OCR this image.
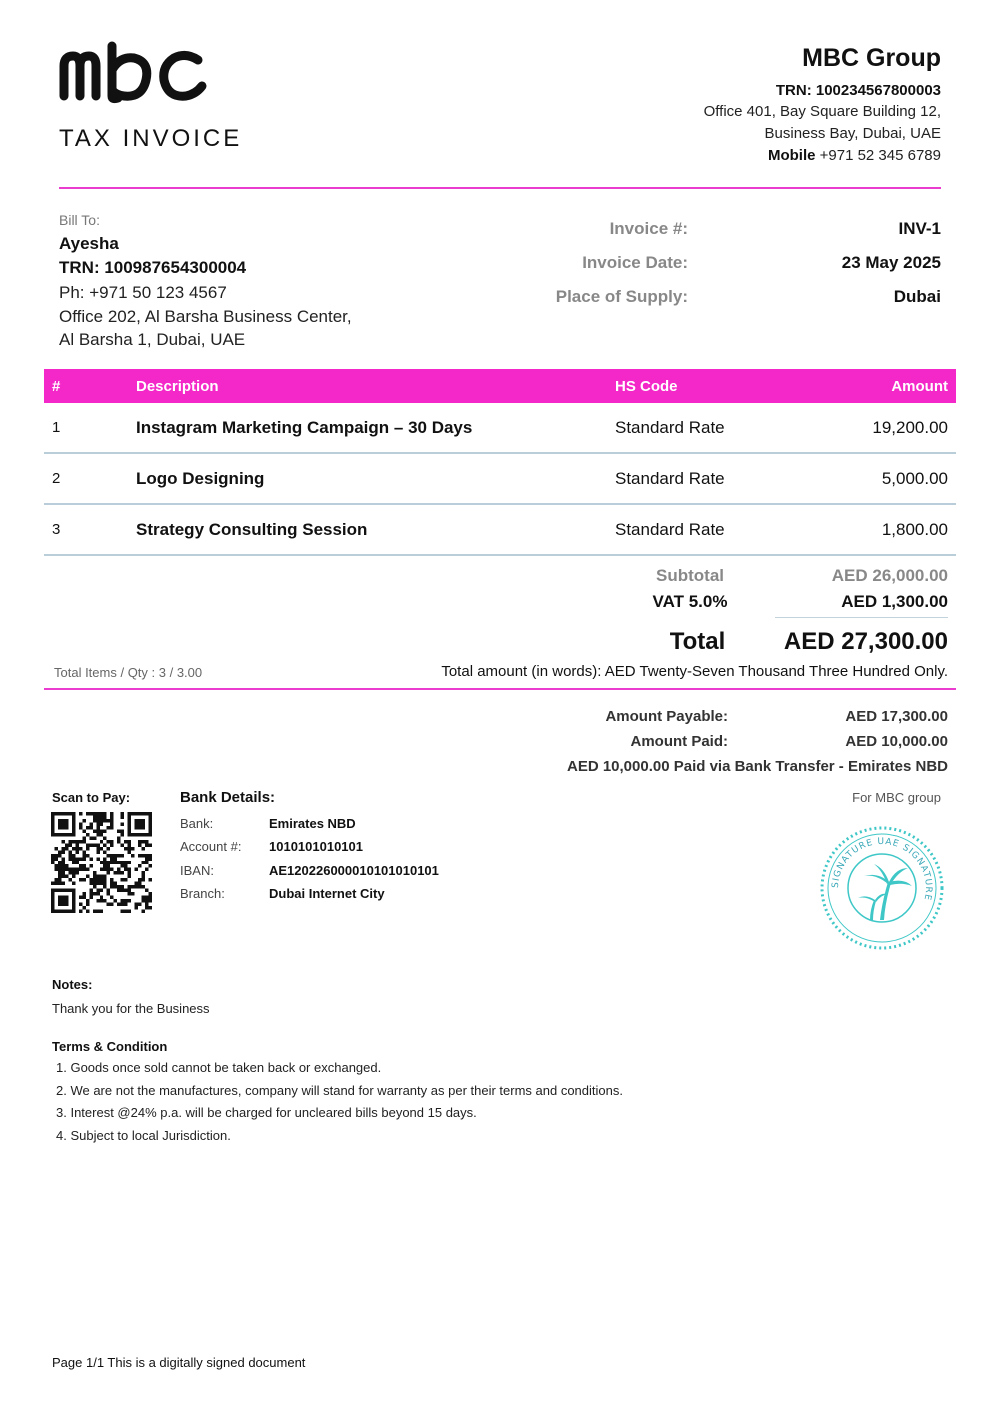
TAX INVOICE
MBC Group
TRN: 100234567800003
Office 401, Bay Square Building 12,
Business Bay, Dubai, UAE
Mobile +971 52 345 6789
Bill To:
Ayesha
TRN: 100987654300004
Ph: +971 50 123 4567
Office 202, Al Barsha Business Center,
Al Barsha 1, Dubai, UAE
Invoice #:	INV-1
Invoice Date:	23 May 2025
Place of Supply:	Dubai
#	Description	HS Code	Amount
1	Instagram Marketing Campaign – 30 Days	Standard Rate	19,200.00
2	Logo Designing	Standard Rate	5,000.00
3	Strategy Consulting Session	Standard Rate	1,800.00
Subtotal	AED 26,000.00
VAT 5.0%	AED 1,300.00
Total	AED 27,300.00
Total Items / Qty : 3 / 3.00	Total amount (in words): AED Twenty-Seven Thousand Three Hundred Only.
Amount Payable:	AED 17,300.00
Amount Paid:	AED 10,000.00
AED 10,000.00 Paid via Bank Transfer - Emirates NBD
Scan to Pay:	Bank Details:
Bank:	Emirates NBD
Account #:	1010101010101
IBAN:	AE120226000010101010101
Branch:	Dubai Internet City
For MBC group
SIGNATURE UAE SIGNATURE
Notes:
Thank you for the Business
Terms & Condition
1. Goods once sold cannot be taken back or exchanged.
2. We are not the manufactures, company will stand for warranty as per their terms and conditions.
3. Interest @24% p.a. will be charged for uncleared bills beyond 15 days.
4. Subject to local Jurisdiction.
Page 1/1 This is a digitally signed document
